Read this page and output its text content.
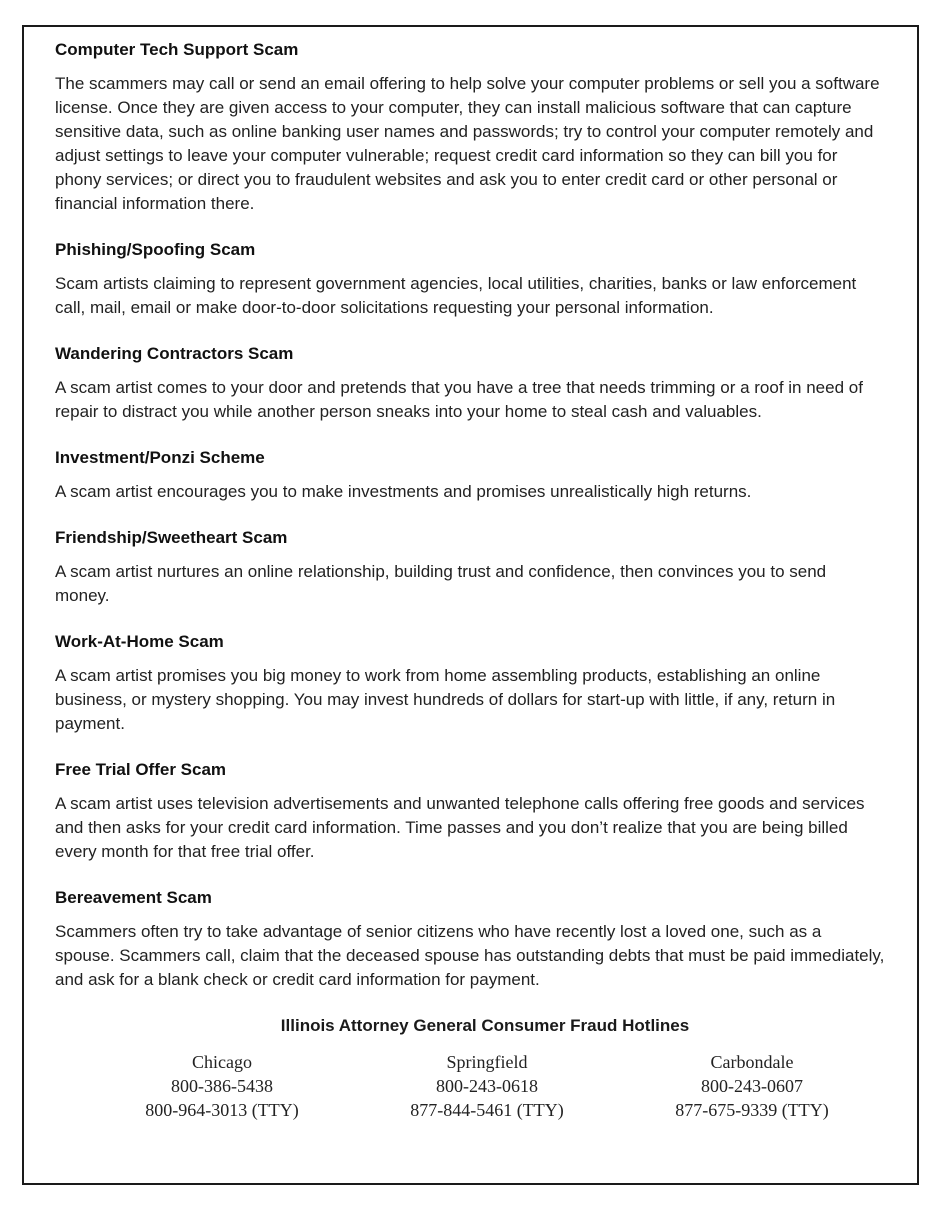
Computer Tech Support Scam

The scammers may call or send an email offering to help solve your computer problems or sell you a software license. Once they are given access to your computer, they can install malicious software that can capture sensitive data, such as online banking user names and passwords; try to control your computer remotely and adjust settings to leave your computer vulnerable; request credit card information so they can bill you for phony services; or direct you to fraudulent websites and ask you to enter credit card or other personal or financial information there.

Phishing/Spoofing Scam

Scam artists claiming to represent government agencies, local utilities, charities, banks or law enforcement call, mail, email or make door-to-door solicitations requesting your personal information.

Wandering Contractors Scam

A scam artist comes to your door and pretends that you have a tree that needs trimming or a roof in need of repair to distract you while another person sneaks into your home to steal cash and valuables.

Investment/Ponzi Scheme

A scam artist encourages you to make investments and promises unrealistically high returns.

Friendship/Sweetheart Scam

A scam artist nurtures an online relationship, building trust and confidence, then convinces you to send money.

Work-At-Home Scam

A scam artist promises you big money to work from home assembling products, establishing an online business, or mystery shopping. You may invest hundreds of dollars for start-up with little, if any, return in payment.

Free Trial Offer Scam

A scam artist uses television advertisements and unwanted telephone calls offering free goods and services and then asks for your credit card information. Time passes and you don’t realize that you are being billed every month for that free trial offer.

Bereavement Scam

Scammers often try to take advantage of senior citizens who have recently lost a loved one, such as a spouse. Scammers call, claim that the deceased spouse has outstanding debts that must be paid immediately, and ask for a blank check or credit card information for payment.

Illinois Attorney General Consumer Fraud Hotlines
Chicago
800-386-5438
800-964-3013 (TTY)
Springfield
800-243-0618
877-844-5461 (TTY)
Carbondale
800-243-0607
877-675-9339 (TTY)
